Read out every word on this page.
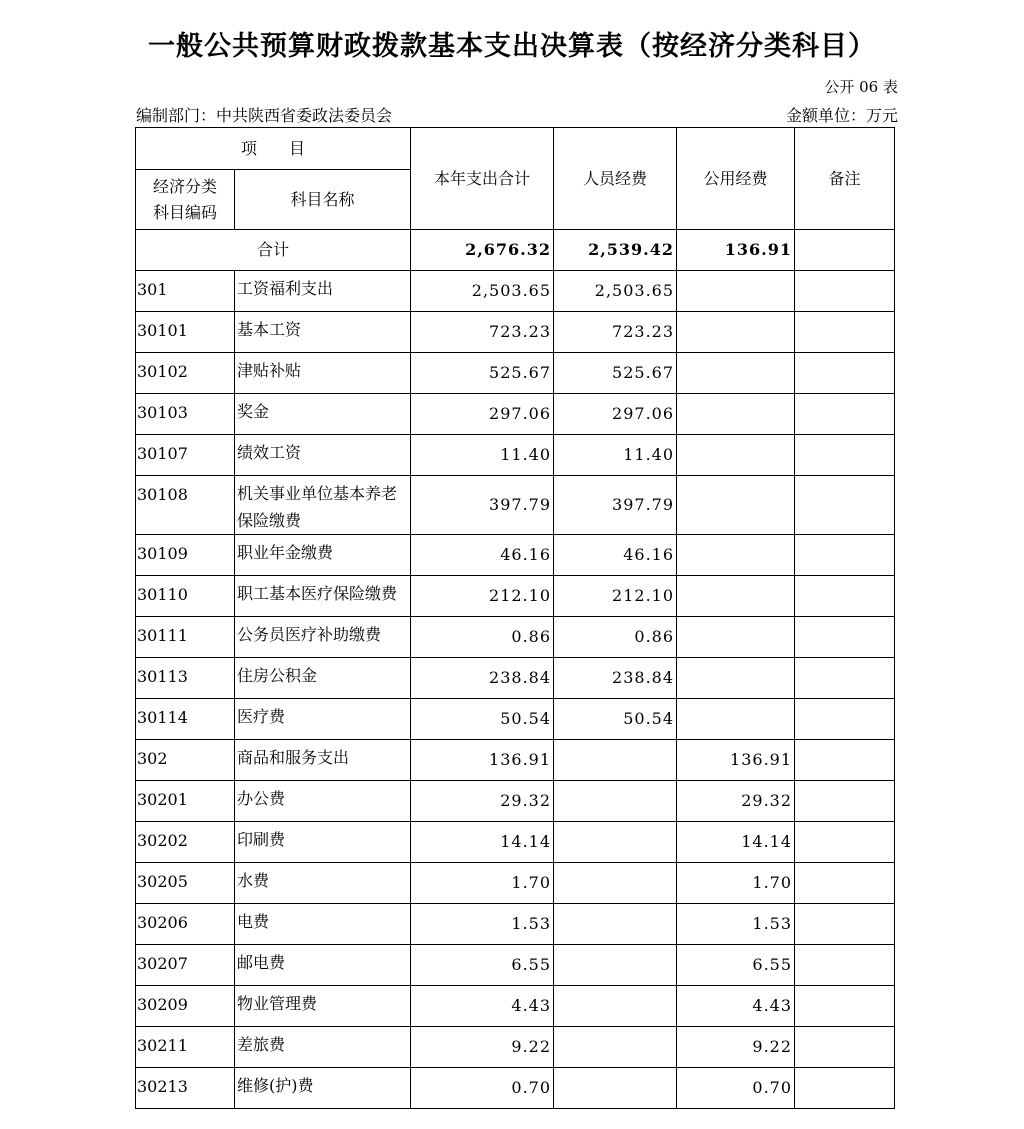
一般公共预算财政拨款基本支出决算表（按经济分类科目）
公开 06 表
编制部门：中共陕西省委政法委员会	金额单位：万元
项　　目		本年支出合计	人员经费	公用经费	备注

经济分类
科目编码	科目名称				
合计		2,676.32	2,539.42	136.91	
301	工资福利支出	2,503.65	2,503.65		
30101	基本工资	723.23	723.23		
30102	津贴补贴	525.67	525.67		
30103	奖金	297.06	297.06		
30107	绩效工资	11.40	11.40		
30108	机关事业单位基本养老保险缴费	397.79	397.79		
30109	职业年金缴费	46.16	46.16		
30110	职工基本医疗保险缴费	212.10	212.10		
30111	公务员医疗补助缴费	0.86	0.86		
30113	住房公积金	238.84	238.84		
30114	医疗费	50.54	50.54		
302	商品和服务支出	136.91		136.91	
30201	办公费	29.32		29.32	
30202	印刷费	14.14		14.14	
30205	水费	1.70		1.70	
30206	电费	1.53		1.53	
30207	邮电费	6.55		6.55	
30209	物业管理费	4.43		4.43	
30211	差旅费	9.22		9.22	
30213	维修(护)费	0.70		0.70	
